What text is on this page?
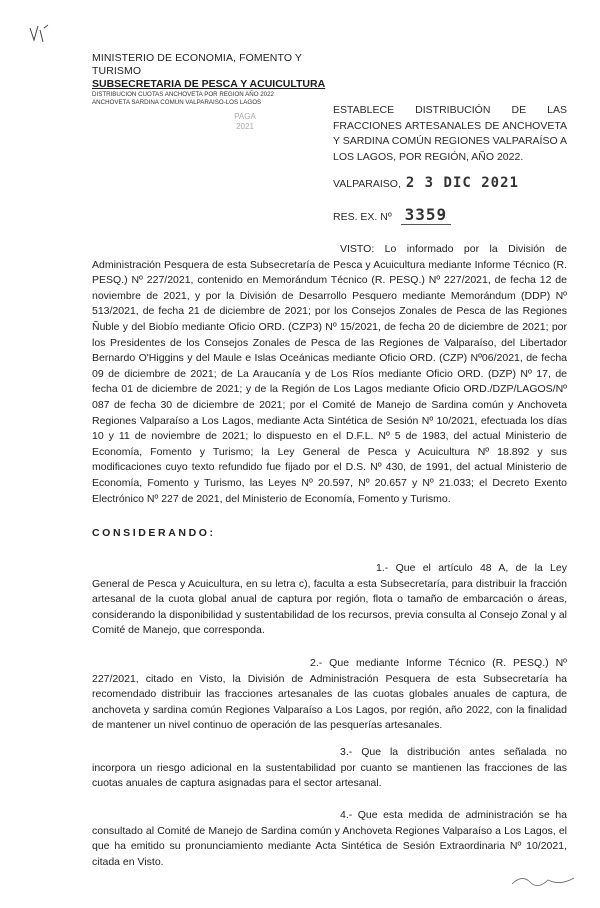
MINISTERIO DE ECONOMIA, FOMENTO Y TURISMO
SUBSECRETARIA DE PESCA Y ACUICULTURA
DISTRIBUCION CUOTAS ANCHOVETA POR REGION AÑO 2022
ANCHOVETA SARDINA COMUN VALPARAISO-LOS LAGOS
PAGA
2021
ESTABLECE DISTRIBUCIÓN DE LAS FRACCIONES ARTESANALES DE ANCHOVETA Y SARDINA COMÚN REGIONES VALPARAÍSO A LOS LAGOS, POR REGIÓN, AÑO 2022.
VALPARAISO, 2 3 DIC 2021
RES. EX. Nº 3359
VISTO: Lo informado por la División de Administración Pesquera de esta Subsecretaría de Pesca y Acuicultura mediante Informe Técnico (R. PESQ.) Nº 227/2021, contenido en Memorándum Técnico (R. PESQ.) Nº 227/2021, de fecha 12 de noviembre de 2021, y por la División de Desarrollo Pesquero mediante Memorándum (DDP) Nº 513/2021, de fecha 21 de diciembre de 2021; por los Consejos Zonales de Pesca de las Regiones Ñuble y del Biobío mediante Oficio ORD. (CZP3) Nº 15/2021, de fecha 20 de diciembre de 2021; por los Presidentes de los Consejos Zonales de Pesca de las Regiones de Valparaíso, del Libertador Bernardo O'Higgins y del Maule e Islas Oceánicas mediante Oficio ORD. (CZP) Nº06/2021, de fecha 09 de diciembre de 2021; de La Araucanía y de Los Ríos mediante Oficio ORD. (DZP) Nº 17, de fecha 01 de diciembre de 2021; y de la Región de Los Lagos mediante Oficio ORD./DZP/LAGOS/Nº 087 de fecha 30 de diciembre de 2021; por el Comité de Manejo de Sardina común y Anchoveta Regiones Valparaíso a Los Lagos, mediante Acta Sintética de Sesión Nº 10/2021, efectuada los días 10 y 11 de noviembre de 2021; lo dispuesto en el D.F.L. Nº 5 de 1983, del actual Ministerio de Economía, Fomento y Turismo; la Ley General de Pesca y Acuicultura Nº 18.892 y sus modificaciones cuyo texto refundido fue fijado por el D.S. Nº 430, de 1991, del actual Ministerio de Economía, Fomento y Turismo, las Leyes Nº 20.597, Nº 20.657 y Nº 21.033; el Decreto Exento Electrónico Nº 227 de 2021, del Ministerio de Economía, Fomento y Turismo.
CONSIDERANDO:
1.- Que el artículo 48 A, de la Ley General de Pesca y Acuicultura, en su letra c), faculta a esta Subsecretaría, para distribuir la fracción artesanal de la cuota global anual de captura por región, flota o tamaño de embarcación o áreas, considerando la disponibilidad y sustentabilidad de los recursos, previa consulta al Consejo Zonal y al Comité de Manejo, que corresponda.
2.- Que mediante Informe Técnico (R. PESQ.) Nº 227/2021, citado en Visto, la División de Administración Pesquera de esta Subsecretaría ha recomendado distribuir las fracciones artesanales de las cuotas globales anuales de captura, de anchoveta y sardina común Regiones Valparaíso a Los Lagos, por región, año 2022, con la finalidad de mantener un nivel continuo de operación de las pesquerías artesanales.
3.- Que la distribución antes señalada no incorpora un riesgo adicional en la sustentabilidad por cuanto se mantienen las fracciones de las cuotas anuales de captura asignadas para el sector artesanal.
4.- Que esta medida de administración se ha consultado al Comité de Manejo de Sardina común y Anchoveta Regiones Valparaíso a Los Lagos, el que ha emitido su pronunciamiento mediante Acta Sintética de Sesión Extraordinaria Nº 10/2021, citada en Visto.
